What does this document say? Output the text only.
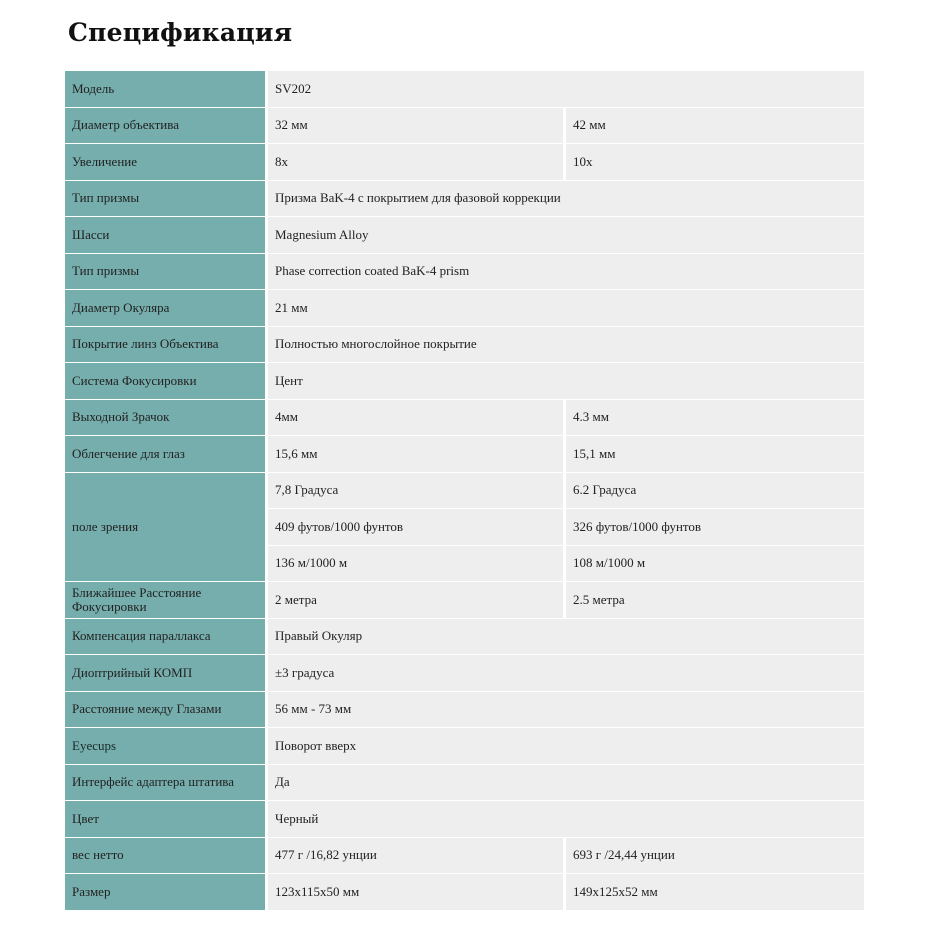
Спецификация
Модель	SV202	
Диаметр объектива	32 мм	42 мм
Увеличение	8x	10x
Тип призмы	Призма BaK-4 с покрытием для фазовой коррекции	
Шасси	Magnesium Alloy	
Тип призмы	Phase correction coated BaK-4 prism	
Диаметр Окуляра	21 мм	
Покрытие линз Объектива	Полностью многослойное покрытие	
Система Фокусировки	Цент	
Выходной Зрачок	4мм	4.3 мм
Облегчение для глаз	15,6 мм	15,1 мм
поле зрения	7,8 Градуса	6.2 Градуса
	409 футов/1000 фунтов	326 футов/1000 фунтов
	136 м/1000 м	108 м/1000 м
Ближайшее Расстояние Фокусировки	2 метра	2.5 метра
Компенсация параллакса	Правый Окуляр	
Диоптрийный КОМП	±3 градуса	
Расстояние между Глазами	56 мм - 73 мм	
Eyecups	Поворот вверх	
Интерфейс адаптера штатива	Да	
Цвет	Черный	
вес нетто	477 г /16,82 унции	693 г /24,44 унции
Размер	123x115x50 мм	149x125x52 мм
